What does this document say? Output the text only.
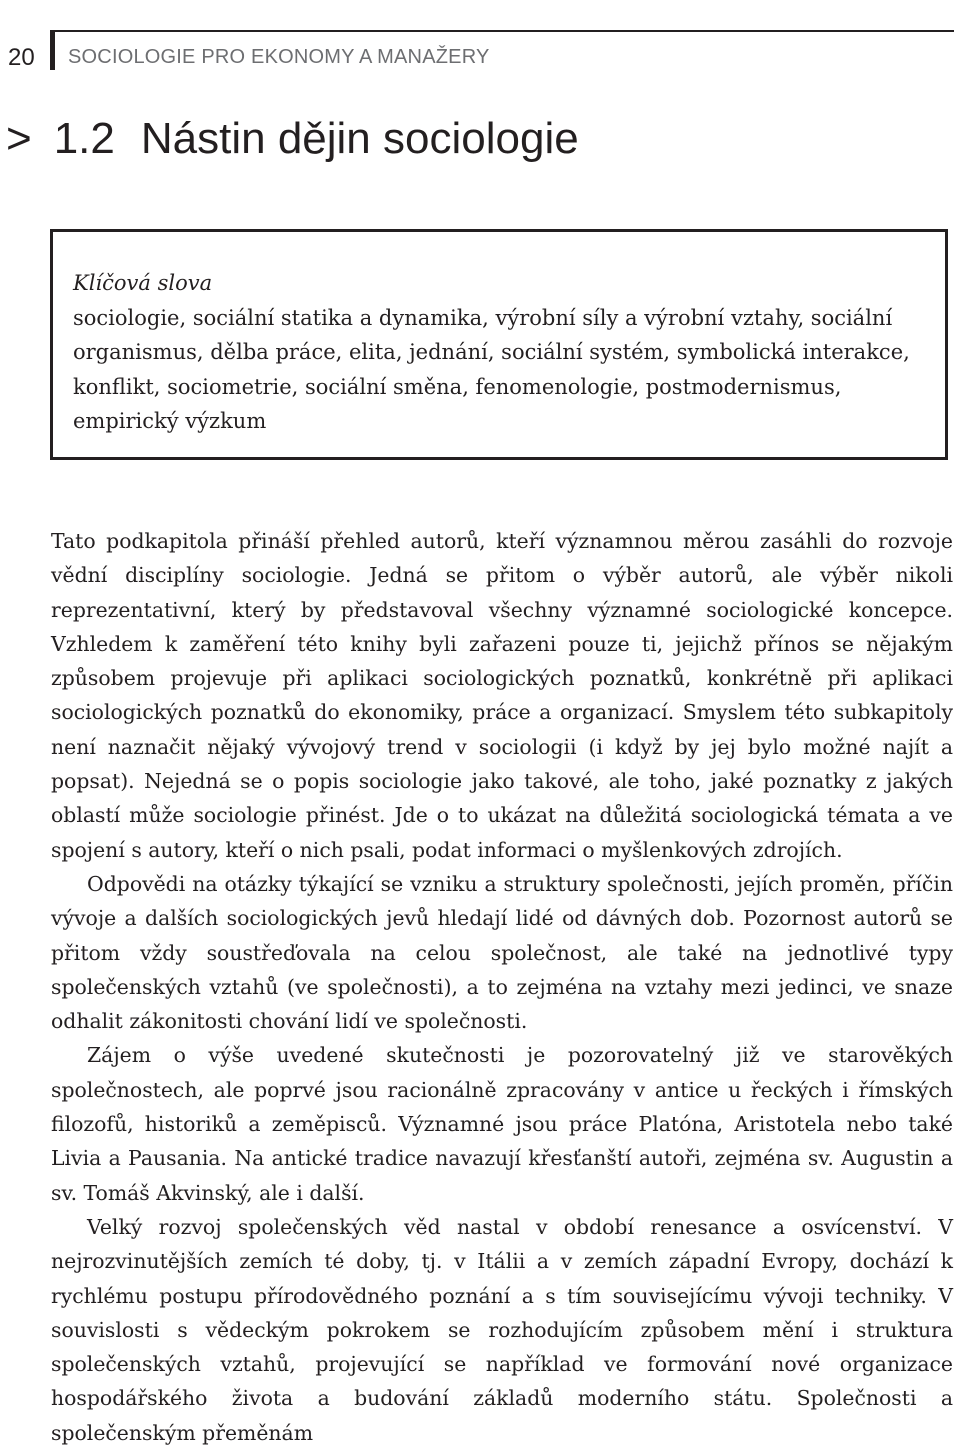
20 SOCIOLOGIE PRO EKONOMY A MANAŽERY
> 1.2 Nástin dějin sociologie
Klíčová slova
sociologie, sociální statika a dynamika, výrobní síly a výrobní vztahy, sociální organismus, dělba práce, elita, jednání, sociální systém, symbolická interakce, konflikt, sociometrie, sociální směna, fenomenologie, postmodernismus, empirický výzkum

Tato podkapitola přináší přehled autorů, kteří významnou měrou zasáhli do rozvoje vědní disciplíny sociologie. Jedná se přitom o výběr autorů, ale výběr nikoli reprezentativní, který by představoval všechny významné sociologické koncepce. Vzhledem k zaměření této knihy byli zařazeni pouze ti, jejichž přínos se nějakým způsobem projevuje při aplikaci sociologických poznatků, konkrétně při aplikaci sociologických poznatků do ekonomiky, práce a organizací. Smyslem této subkapitoly není naznačit nějaký vývojový trend v sociologii (i když by jej bylo možné najít a popsat). Nejedná se o popis sociologie jako takové, ale toho, jaké poznatky z jakých oblastí může sociologie přinést. Jde o to ukázat na důležitá sociologická témata a ve spojení s autory, kteří o nich psali, podat informaci o myšlenkových zdrojích.

Odpovědi na otázky týkající se vzniku a struktury společnosti, jejích proměn, příčin vývoje a dalších sociologických jevů hledají lidé od dávných dob. Pozornost autorů se přitom vždy soustřeďovala na celou společnost, ale také na jednotlivé typy společenských vztahů (ve společnosti), a to zejména na vztahy mezi jedinci, ve snaze odhalit zákonitosti chování lidí ve společnosti.

Zájem o výše uvedené skutečnosti je pozorovatelný již ve starověkých společnostech, ale poprvé jsou racionálně zpracovány v antice u řeckých i římských filozofů, historiků a zeměpisců. Významné jsou práce Platóna, Aristotela nebo také Livia a Pausania. Na antické tradice navazují křesťanští autoři, zejména sv. Augustin a sv. Tomáš Akvinský, ale i další.

Velký rozvoj společenských věd nastal v období renesance a osvícenství. V nejrozvinutějších zemích té doby, tj. v Itálii a v zemích západní Evropy, dochází k rychlému postupu přírodovědného poznání a s tím souvisejícímu vývoji techniky. V souvislosti s vědeckým pokrokem se rozhodujícím způsobem mění i struktura společenských vztahů, projevující se například ve formování nové organizace hospodářského života a budování základů moderního státu. Společnosti a společenským přeměnám
